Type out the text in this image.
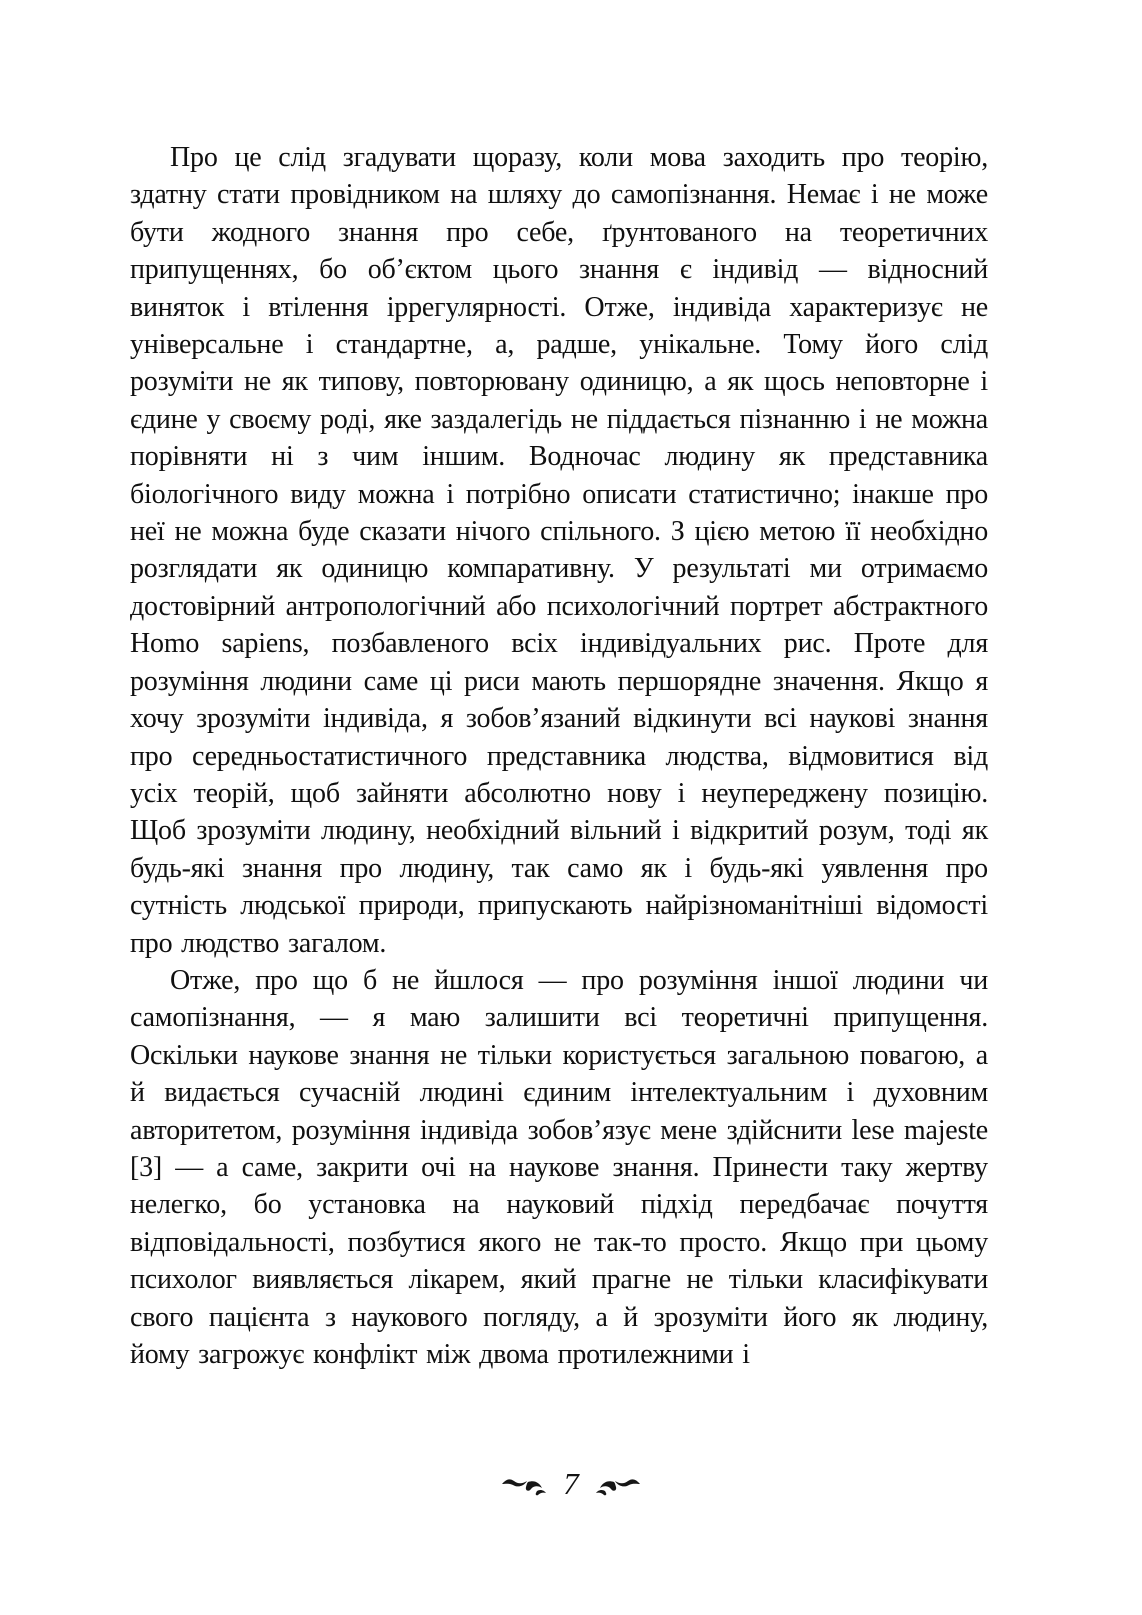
Про це слід згадувати щоразу, коли мова заходить про теорію, здатну стати провідником на шляху до самопізнання. Немає і не може бути жодного знання про себе, ґрунтованого на теоретичних припущеннях, бо об’єктом цього знання є індивід — відносний виняток і втілення іррегулярності. Отже, індивіда характеризує не універсальне і стандартне, а, радше, унікальне. Тому його слід розуміти не як типову, повторювану одиницю, а як щось неповторне і єдине у своєму роді, яке заздалегідь не піддається пізнанню і не можна порівняти ні з чим іншим. Водночас людину як представника біологічного виду можна і потрібно описати статистично; інакше про неї не можна буде сказати нічого спільного. З цією метою її необхідно розглядати як одиницю компаративну. У результаті ми отримаємо достовірний антропологічний або психологічний портрет абстрактного Homo sapiens, позбавленого всіх індивідуальних рис. Проте для розуміння людини саме ці риси мають першорядне значення. Якщо я хочу зрозуміти індивіда, я зобов’язаний відкинути всі наукові знання про середньостатистичного представника людства, відмовитися від усіх теорій, щоб зайняти абсолютно нову і неупереджену позицію. Щоб зрозуміти людину, необхідний вільний і відкритий розум, тоді як будь-які знання про людину, так само як і будь-які уявлення про сутність людської природи, припускають найрізноманітніші відомості про людство загалом.

Отже, про що б не йшлося — про розуміння іншої людини чи самопізнання, — я маю залишити всі теоретичні припущення. Оскільки наукове знання не тільки користується загальною повагою, а й видається сучасній людині єдиним інтелектуальним і духовним авторитетом, розуміння індивіда зобов’язує мене здійснити lese majeste [3] — а саме, закрити очі на наукове знання. Принести таку жертву нелегко, бо установка на науковий підхід передбачає почуття відповідальності, позбутися якого не так-то просто. Якщо при цьому психолог виявляється лікарем, який прагне не тільки класифікувати свого пацієнта з наукового погляду, а й зрозуміти його як людину, йому загрожує конфлікт між двома протилежними і

7
